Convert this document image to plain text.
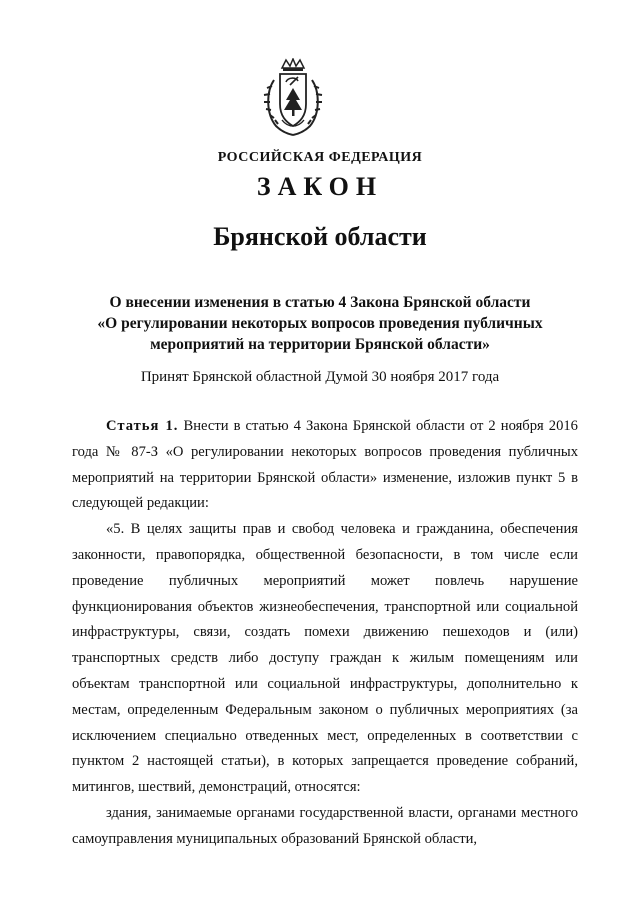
РОССИЙСКАЯ ФЕДЕРАЦИЯ
ЗАКОН
Брянской области
О внесении изменения в статью 4 Закона Брянской области
«О регулировании некоторых вопросов проведения публичных
мероприятий на территории Брянской области»
Принят Брянской областной Думой 30 ноября 2017 года

Статья 1. Внести в статью 4 Закона Брянской области от 2 ноября 2016 года № 87-З «О регулировании некоторых вопросов проведения публичных мероприятий на территории Брянской области» изменение, изложив пункт 5 в следующей редакции:

«5. В целях защиты прав и свобод человека и гражданина, обеспечения законности, правопорядка, общественной безопасности, в том числе если проведение публичных мероприятий может повлечь нарушение функционирования объектов жизнеобеспечения, транспортной или социальной инфраструктуры, связи, создать помехи движению пешеходов и (или) транспортных средств либо доступу граждан к жилым помещениям или объектам транспортной или социальной инфраструктуры, дополнительно к местам, определенным Федеральным законом о публичных мероприятиях (за исключением специально отведенных мест, определенных в соответствии с пунктом 2 настоящей статьи), в которых запрещается проведение собраний, митингов, шествий, демонстраций, относятся:

здания, занимаемые органами государственной власти, органами местного самоуправления муниципальных образований Брянской области,
